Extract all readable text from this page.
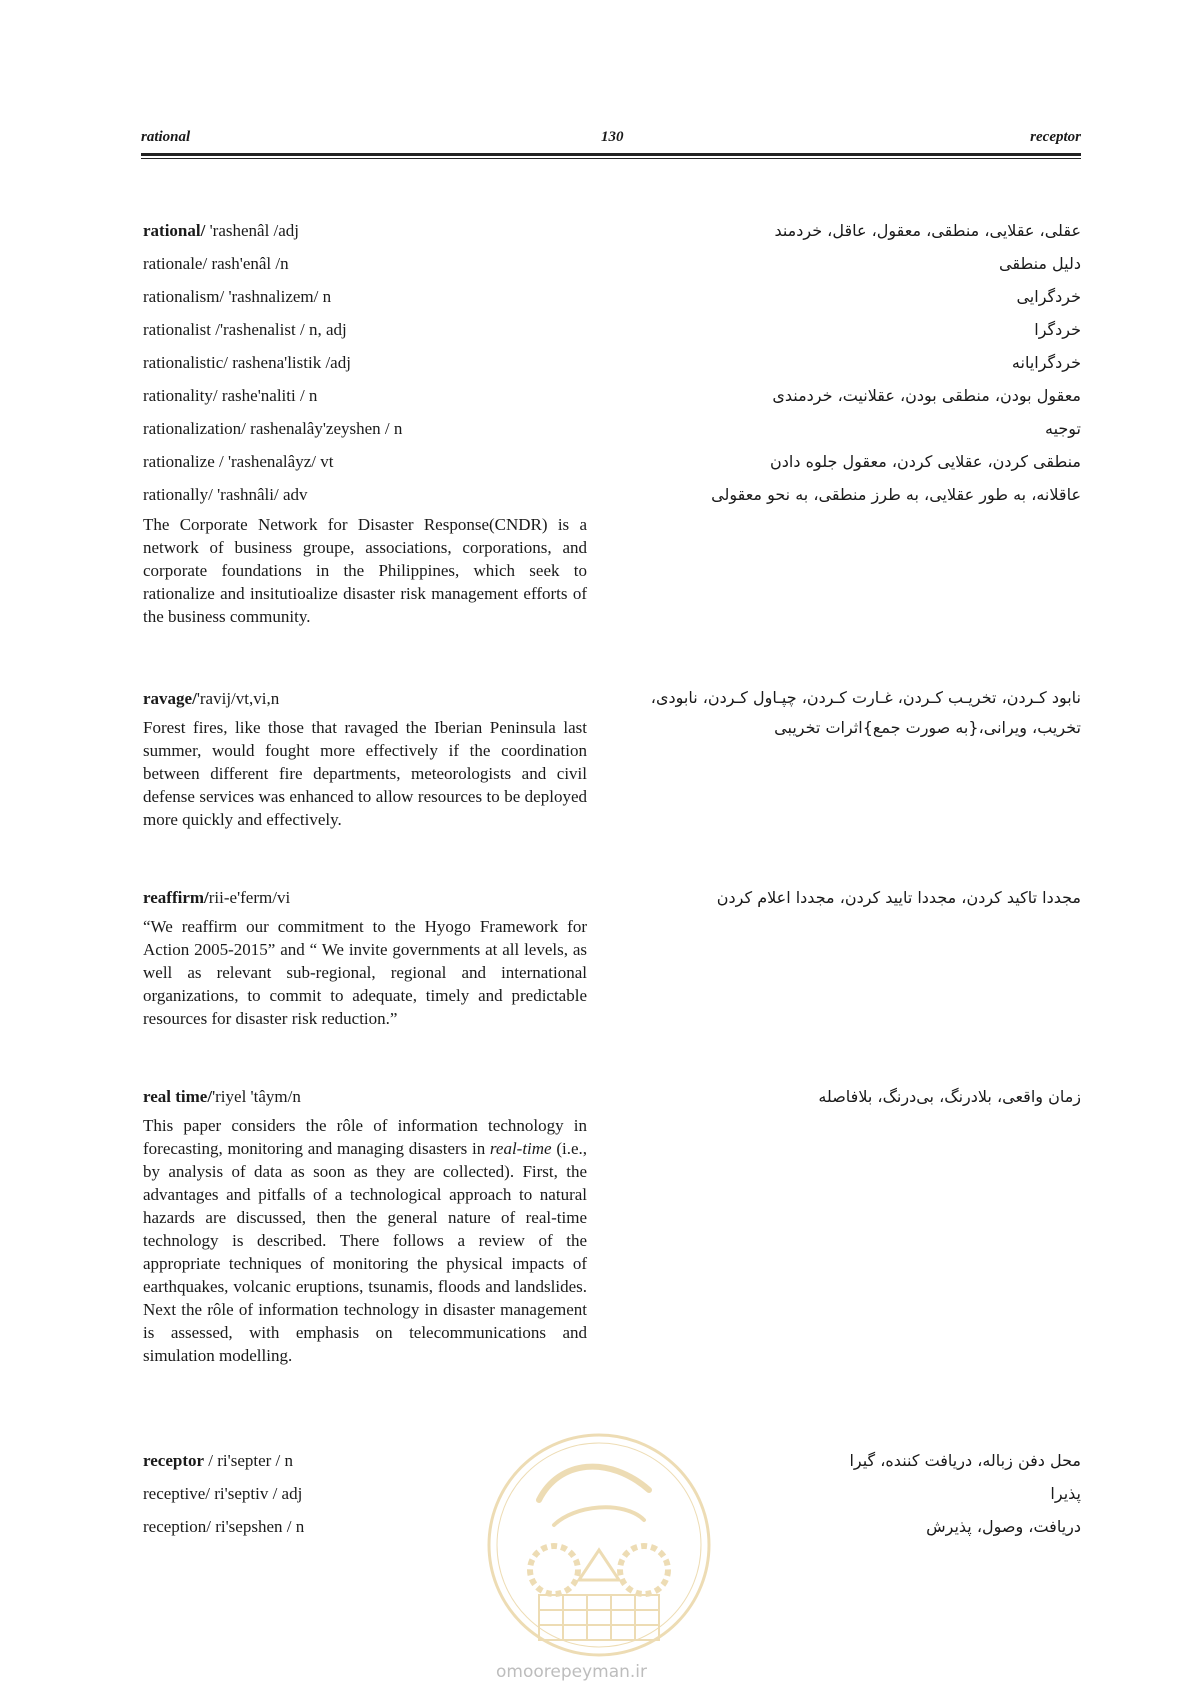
rational	130	receptor
rational/ 'rashenâl /adj	عقلی، عقلایی، منطقی، معقول، عاقل، خردمند
rationale/ rash'enâl /n	دلیل منطقی
rationalism/ 'rashnalizem/ n	خردگرایی
rationalist /'rashenalist / n, adj	خردگرا
rationalistic/ rashena'listik /adj	خردگرایانه
rationality/ rashe'naliti / n	معقول بودن، منطقی بودن، عقلانیت، خردمندی
rationalization/ rashenalây'zeyshen / n	توجیه
rationalize / 'rashenalâyz/ vt	منطقی کردن، عقلایی کردن، معقول جلوه دادن
rationally/ 'rashnâli/ adv	عاقلانه، به طور عقلایی، به طرز منطقی، به نحو معقولی
The Corporate Network for Disaster Response(CNDR) is a network of business groupe, associations, corporations, and corporate foundations in the Philippines, which seek to rationalize and insitutioalize disaster risk management efforts of the business community.
ravage/'ravij/vt,vi,n	نابود کـردن، تخریـب کـردن، غـارت کـردن، چپـاول کـردن، نابودی، تخریب، ویرانی،{به صورت جمع}اثرات تخریبی
Forest fires, like those that ravaged the Iberian Peninsula last summer, would fought more effectively if the coordination between different fire departments, meteorologists and civil defense services was enhanced to allow resources to be deployed more quickly and effectively.
reaffirm/rii-e'ferm/vi	مجددا تاکید کردن، مجددا تایید کردن، مجددا اعلام کردن
“We reaffirm our commitment to the Hyogo Framework for Action 2005-2015” and “ We invite governments at all levels, as well as relevant sub-regional, regional and international organizations, to commit to adequate, timely and predictable resources for disaster risk reduction.”
real time/'riyel 'tâym/n	زمان واقعی، بلادرنگ، بی‌درنگ، بلافاصله
This paper considers the rôle of information technology in forecasting, monitoring and managing disasters in real-time (i.e., by analysis of data as soon as they are collected). First, the advantages and pitfalls of a technological approach to natural hazards are discussed, then the general nature of real-time technology is described. There follows a review of the appropriate techniques of monitoring the physical impacts of earthquakes, volcanic eruptions, tsunamis, floods and landslides. Next the rôle of information technology in disaster management is assessed, with emphasis on telecommunications and simulation modelling.
receptor / ri'septer / n	محل دفن زباله، دریافت کننده، گیرا
receptive/ ri'septiv / adj	پذیرا
reception/ ri'sepshen / n	دریافت، وصول، پذیرش
omoorepeyman.ir
